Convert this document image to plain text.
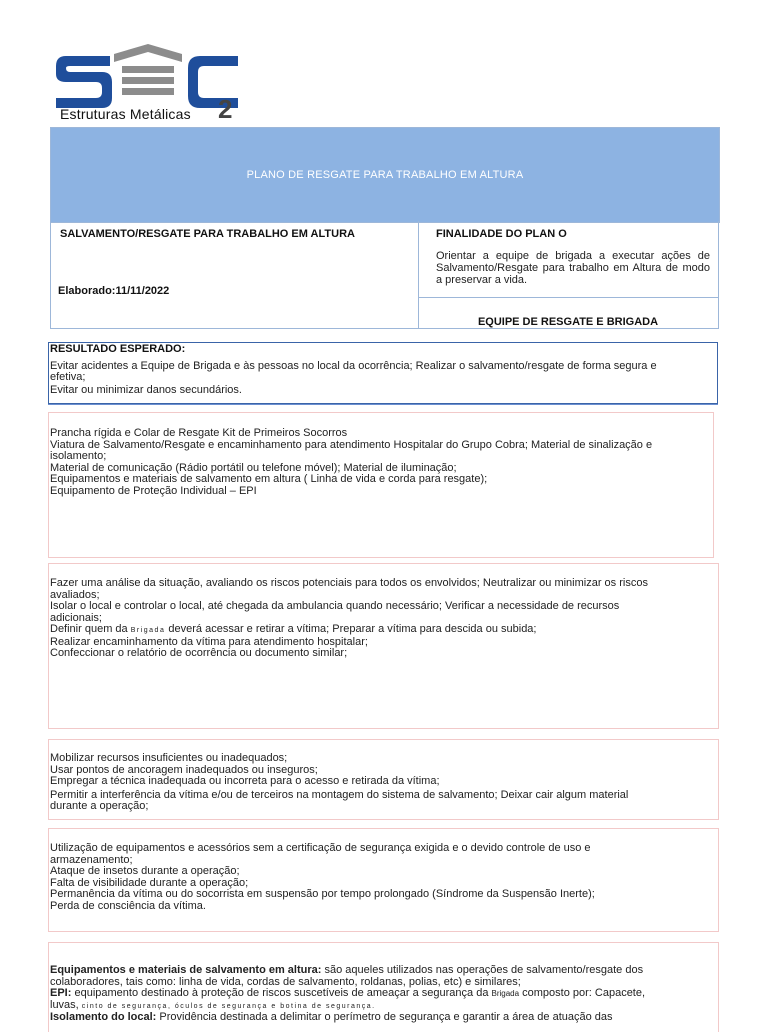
Estruturas Metálicas 2
PLANO DE RESGATE PARA TRABALHO EM ALTURA
SALVAMENTO/RESGATE PARA TRABALHO EM ALTURA
Elaborado:11/11/2022
FINALIDADE DO PLAN O
Orientar a equipe de brigada a executar ações de Salvamento/Resgate para trabalho em Altura de modo a preservar a vida.
EQUIPE DE RESGATE E BRIGADA
RESULTADO ESPERADO:
Evitar acidentes a Equipe de Brigada e às pessoas no local da ocorrência; Realizar o salvamento/resgate de forma segura e
efetiva;
Evitar ou minimizar danos secundários.
Prancha rígida e Colar de Resgate Kit de Primeiros Socorros
Viatura de Salvamento/Resgate e encaminhamento para atendimento Hospitalar do Grupo Cobra; Material de sinalização e
isolamento;
Material de comunicação (Rádio portátil ou telefone móvel); Material de iluminação;
Equipamentos e materiais de salvamento em altura ( Linha de vida e corda para resgate);
Equipamento de Proteção Individual – EPI
Fazer uma análise da situação, avaliando os riscos potenciais para todos os envolvidos; Neutralizar ou minimizar os riscos
avaliados;
Isolar o local e controlar o local, até chegada da ambulancia quando necessário; Verificar a necessidade de recursos
adicionais;
Definir quem da Brigada deverá acessar e retirar a vítima; Preparar a vítima para descida ou subida;
Realizar encaminhamento da vítima para atendimento hospitalar;
Confeccionar o relatório de ocorrência ou documento similar;
Mobilizar recursos insuficientes ou inadequados;
Usar pontos de ancoragem inadequados ou inseguros;
Empregar a técnica inadequada ou incorreta para o acesso e retirada da vítima;
Permitir a interferência da vítima e/ou de terceiros na montagem do sistema de salvamento; Deixar cair algum material
durante a operação;
Utilização de equipamentos e acessórios sem a certificação de segurança exigida e o devido controle de uso e
armazenamento;
Ataque de insetos durante a operação;
Falta de visibilidade durante a operação;
Permanência da vítima ou do socorrista em suspensão por tempo prolongado (Síndrome da Suspensão Inerte);
Perda de consciência da vítima.
Equipamentos e materiais de salvamento em altura: são aqueles utilizados nas operações de salvamento/resgate dos
colaboradores, tais como: linha de vida, cordas de salvamento, roldanas, polias, etc) e similares;
EPI: equipamento destinado à proteção de riscos suscetíveis de ameaçar a segurança da Brigada composto por: Capacete,
luvas, cinto de segurança, óculos de segurança e botina de segurança.
Isolamento do local: Providência destinada a delimitar o perímetro de segurança e garantir a área de atuação das
